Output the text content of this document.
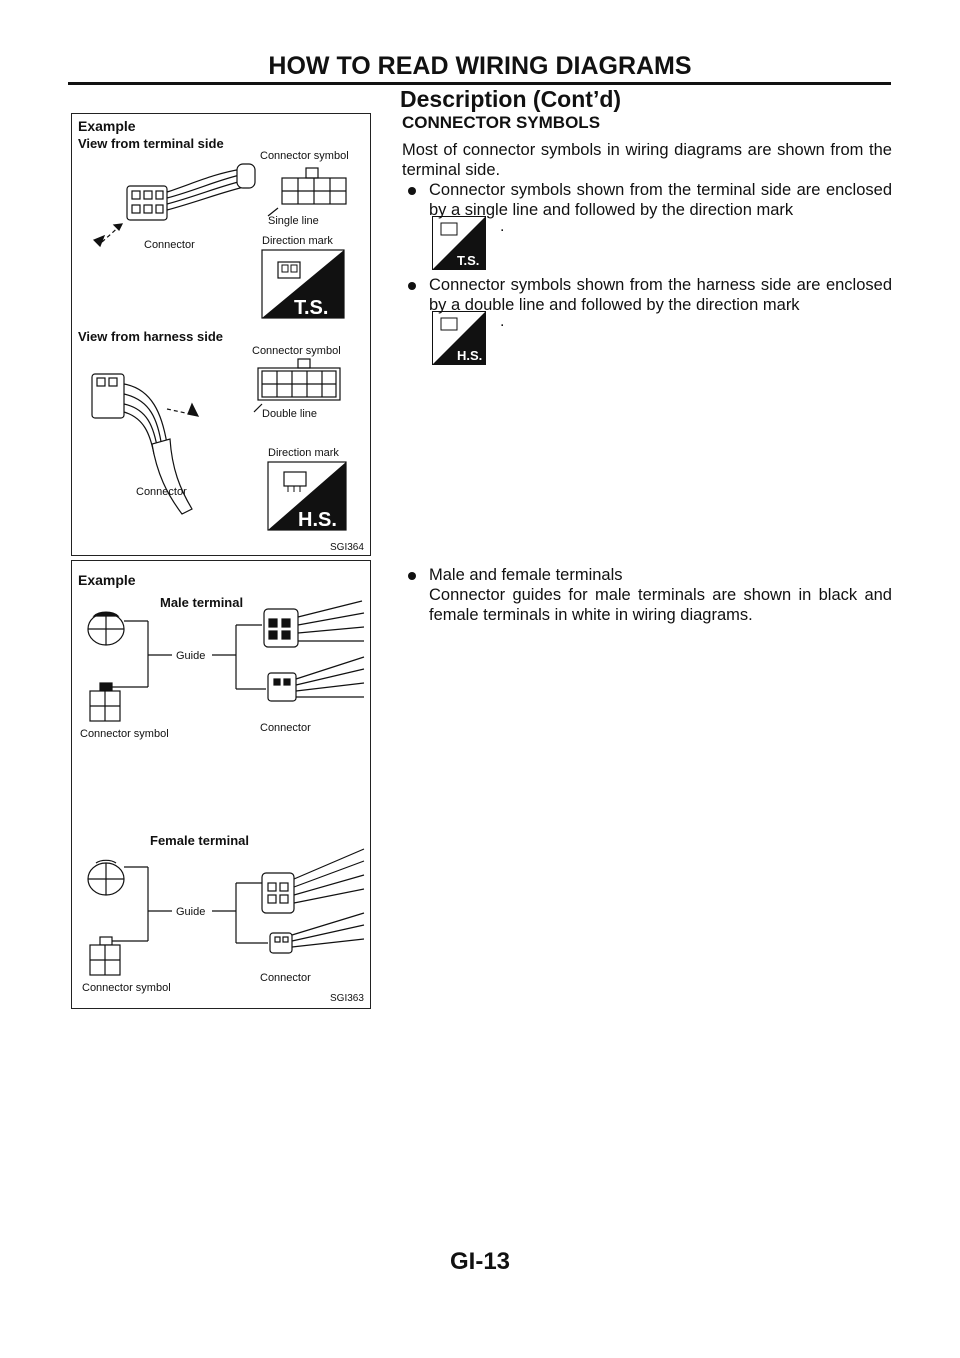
HOW TO READ WIRING DIAGRAMS
Description (Cont’d)
Example
View from terminal side
Connector symbol
Connector
Single line
Direction mark
T.S.
View from harness side
Connector symbol
Double line
Direction mark
Connector
H.S.
SGI364
Example
Male terminal
Guide
Connector symbol	Connector
Female terminal
Guide
Connector
Connector symbol
SGI363
CONNECTOR SYMBOLS
Most of connector symbols in wiring diagrams are shown from the terminal side.
Connector symbols shown from the terminal side are enclosed by a single line and followed by the direction mark
T.S.
.
Connector symbols shown from the harness side are enclosed by a double line and followed by the direction mark
H.S.
.
Male and female terminals
Connector guides for male terminals are shown in black and female terminals in white in wiring diagrams.
GI-13
